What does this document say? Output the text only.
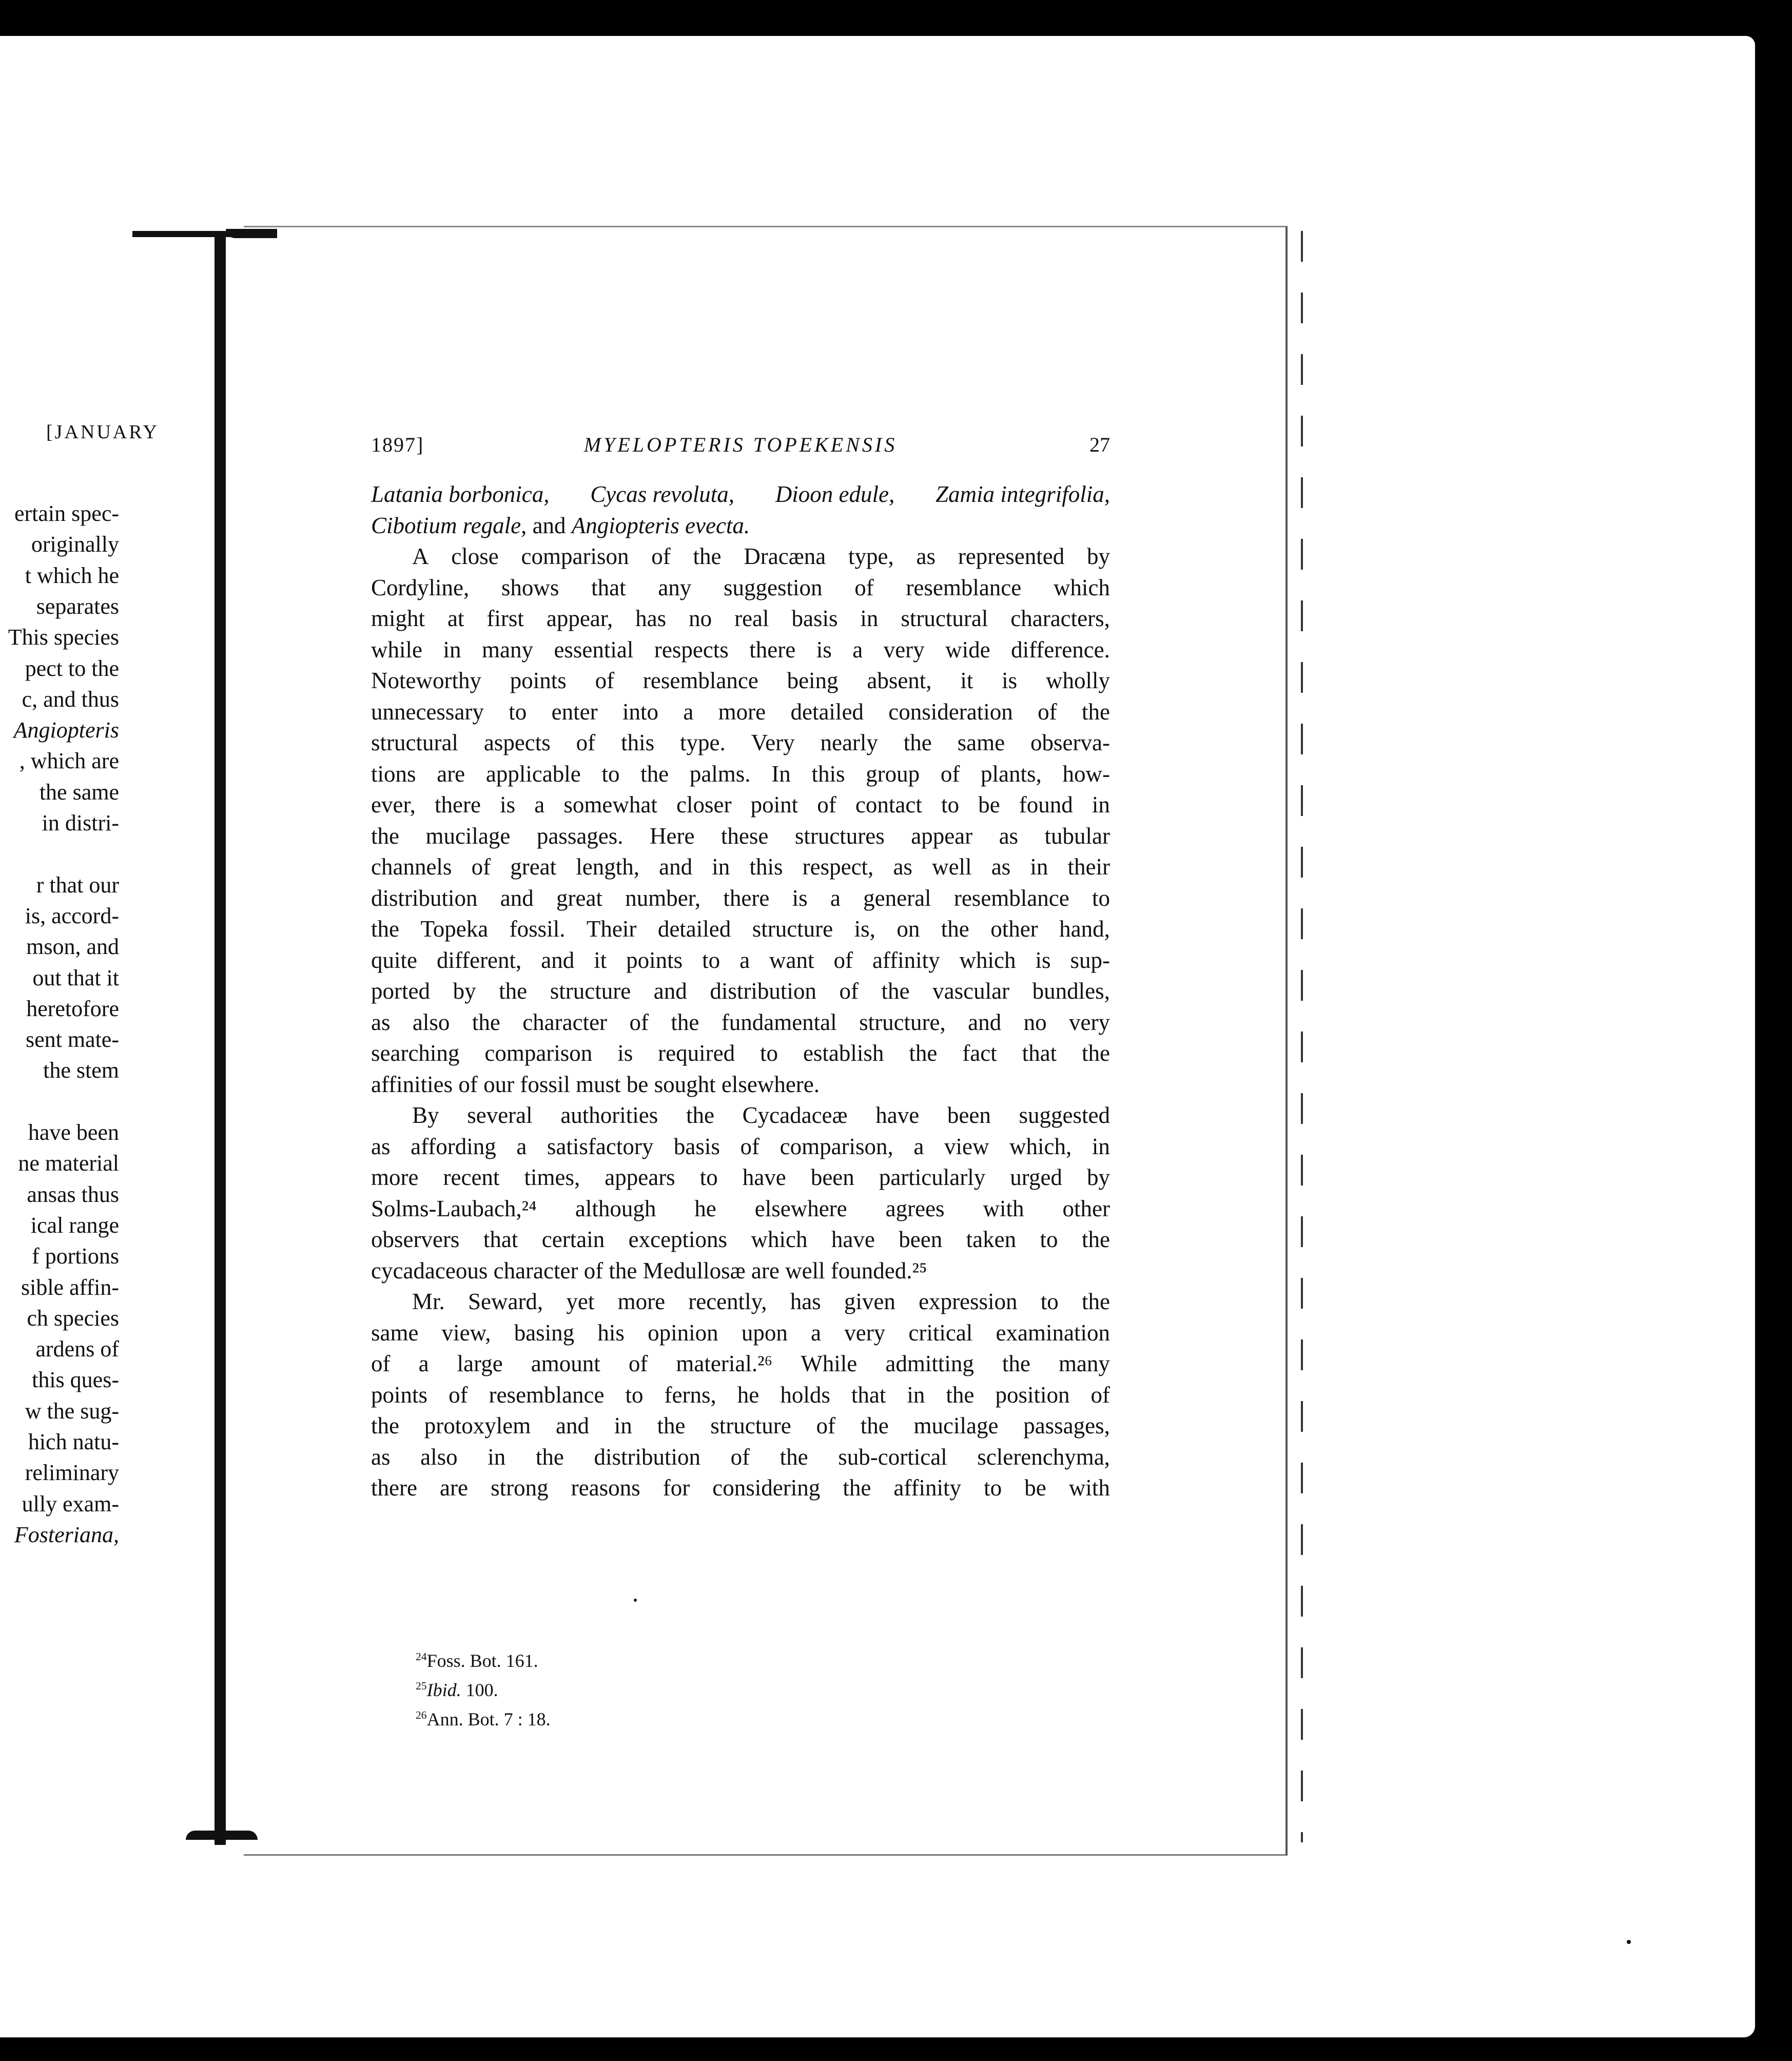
[JANUARY
ertain spec-
originally
t which he
separates
This species
pect to the
c, and thus
Angiopteris
, which are
the same
in distri-
r that our
is, accord-
mson, and
out that it
heretofore
sent mate-
the stem
have been
ne material
ansas thus
ical range
f portions
sible affin-
ch species
ardens of
this ques-
w the sug-
hich natu-
reliminary
ully exam-
Fosteriana,
1897]	MYELOPTERIS TOPEKENSIS	27
Latania borbonica, Cycas revoluta, Dioon edule, Zamia integrifolia,
Cibotium regale,
and
Angiopteris evecta.
A close comparison of the Dracæna type, as represented by
Cordyline, shows that any suggestion of resemblance which
might at first appear, has no real basis in structural characters,
while in many essential respects there is a very wide difference.
Noteworthy points of resemblance being absent, it is wholly
unnecessary to enter into a more detailed consideration of the
structural aspects of this type. Very nearly the same observa-
tions are applicable to the palms. In this group of plants, how-
ever, there is a somewhat closer point of contact to be found in
the mucilage passages. Here these structures appear as tubular
channels of great length, and in this respect, as well as in their
distribution and great number, there is a general resemblance to
the Topeka fossil. Their detailed structure is, on the other hand,
quite different, and it points to a want of affinity which is sup-
ported by the structure and distribution of the vascular bundles,
as also the character of the fundamental structure, and no very
searching comparison is required to establish the fact that the
affinities of our fossil must be sought elsewhere.
By several authorities the Cycadaceæ have been suggested
as affording a satisfactory basis of comparison, a view which, in
more recent times, appears to have been particularly urged by
Solms-Laubach,²⁴ although he elsewhere agrees with other
observers that certain exceptions which have been taken to the
cycadaceous character of the Medullosæ are well founded.²⁵
Mr. Seward, yet more recently, has given expression to the
same view, basing his opinion upon a very critical examination
of a large amount of material.²⁶ While admitting the many
points of resemblance to ferns, he holds that in the position of
the protoxylem and in the structure of the mucilage passages,
as also in the distribution of the sub-cortical sclerenchyma,
there are strong reasons for considering the affinity to be with
$^{24}$Foss. Bot. 161.
$^{25}$Ibid. 100.
$^{26}$Ann. Bot. 7 : 18.
